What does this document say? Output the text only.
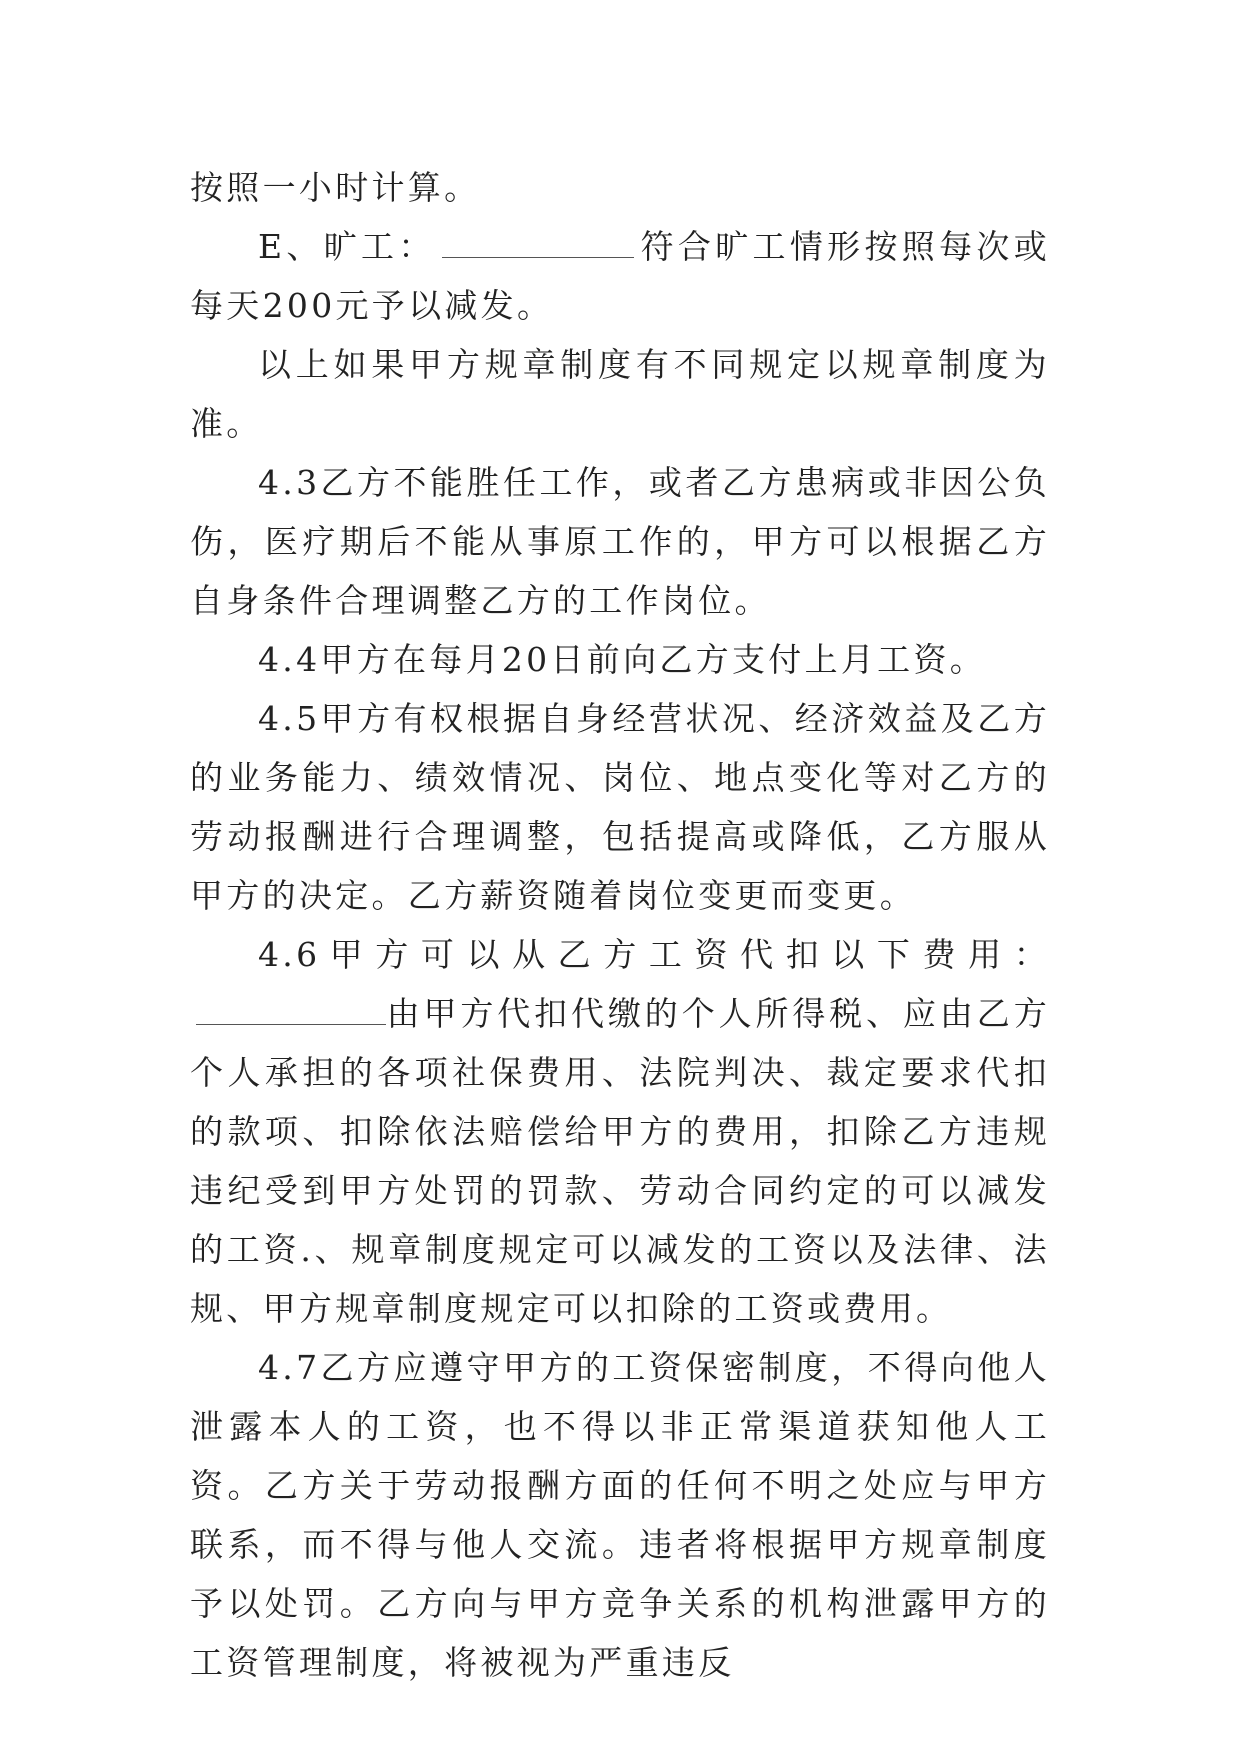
按照一小时计算。

E、旷工：	符合旷工情形按照每次或每天200元予以减发。

以上如果甲方规章制度有不同规定以规章制度为准。

4.3乙方不能胜任工作，或者乙方患病或非因公负伤，医疗期后不能从事原工作的，甲方可以根据乙方自身条件合理调整乙方的工作岗位。

4.4甲方在每月20日前向乙方支付上月工资。

4.5甲方有权根据自身经营状况、经济效益及乙方的业务能力、绩效情况、岗位、地点变化等对乙方的劳动报酬进行合理调整，包括提高或降低，乙方服从甲方的决定。乙方薪资随着岗位变更而变更。

4.6甲方可以从乙方工资代扣以下费用：由甲方代扣代缴的个人所得税、应由乙方个人承担的各项社保费用、法院判决、裁定要求代扣的款项、扣除依法赔偿给甲方的费用，扣除乙方违规违纪受到甲方处罚的罚款、劳动合同约定的可以减发的工资.、规章制度规定可以减发的工资以及法律、法规、甲方规章制度规定可以扣除的工资或费用。

4.7乙方应遵守甲方的工资保密制度，不得向他人泄露本人的工资，也不得以非正常渠道获知他人工资。乙方关于劳动报酬方面的任何不明之处应与甲方联系，而不得与他人交流。违者将根据甲方规章制度予以处罚。乙方向与甲方竞争关系的机构泄露甲方的工资管理制度，将被视为严重违反
